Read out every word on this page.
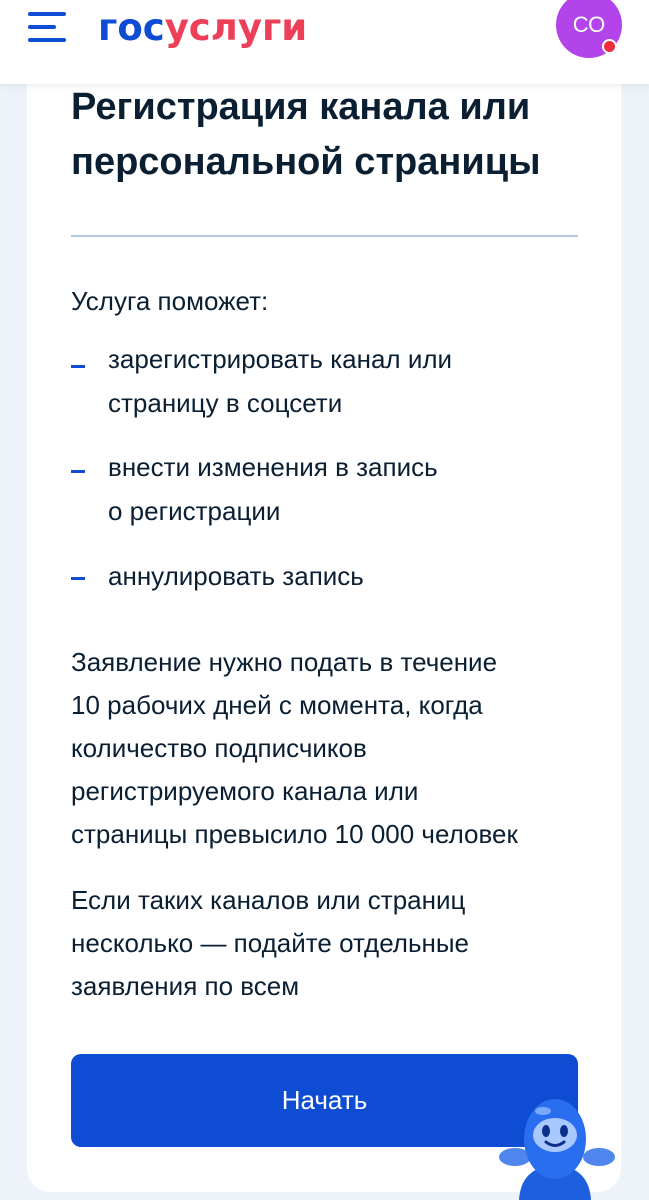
госуслуги	СО
Регистрация канала или
персональной страницы
Услуга поможет:
зарегистрировать канал или
страницу в соцсети
внести изменения в запись
о регистрации
аннулировать запись
Заявление нужно подать в течение
10 рабочих дней с момента, когда
количество подписчиков
регистрируемого канала или
страницы превысило 10 000 человек
Если таких каналов или страниц
несколько — подайте отдельные
заявления по всем
Начать
